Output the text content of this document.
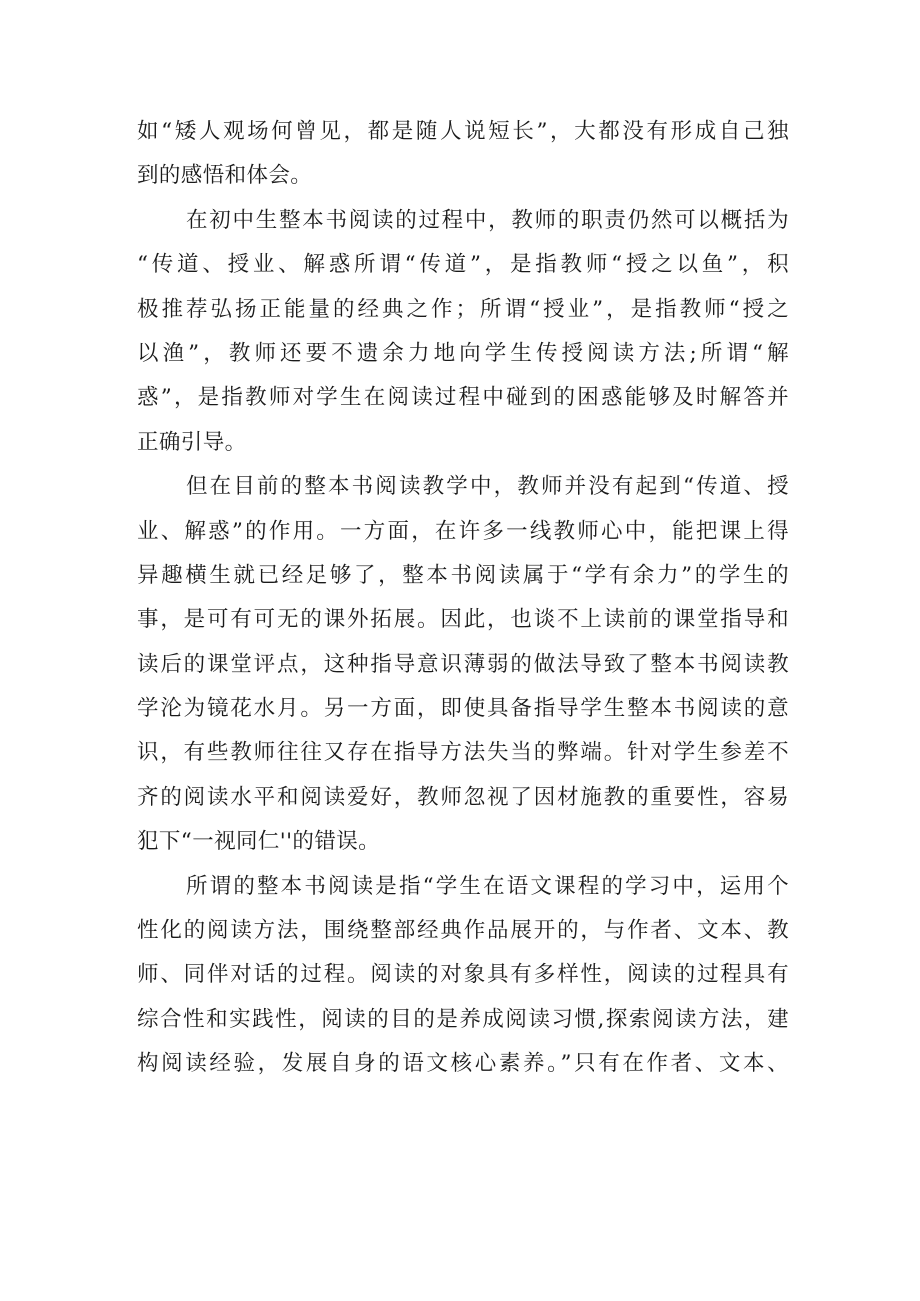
如“矮人观场何曾见，都是随人说短长”，大都没有形成自己独
到的感悟和体会。
在初中生整本书阅读的过程中，教师的职责仍然可以概括为
“传道、授业、解惑所谓“传道”，是指教师“授之以鱼”，积
极推荐弘扬正能量的经典之作；所谓“授业”，是指教师“授之
以渔”，教师还要不遗余力地向学生传授阅读方法;所谓“解
惑”，是指教师对学生在阅读过程中碰到的困惑能够及时解答并
正确引导。
但在目前的整本书阅读教学中，教师并没有起到“传道、授
业、解惑”的作用。一方面，在许多一线教师心中，能把课上得
异趣横生就已经足够了，整本书阅读属于“学有余力”的学生的
事，是可有可无的课外拓展。因此，也谈不上读前的课堂指导和
读后的课堂评点，这种指导意识薄弱的做法导致了整本书阅读教
学沦为镜花水月。另一方面，即使具备指导学生整本书阅读的意
识，有些教师往往又存在指导方法失当的弊端。针对学生参差不
齐的阅读水平和阅读爱好，教师忽视了因材施教的重要性，容易
犯下“一视同仁''的错误。
所谓的整本书阅读是指“学生在语文课程的学习中，运用个
性化的阅读方法，围绕整部经典作品展开的，与作者、文本、教
师、同伴对话的过程。阅读的对象具有多样性，阅读的过程具有
综合性和实践性，阅读的目的是养成阅读习惯,探索阅读方法，建
构阅读经验，发展自身的语文核心素养。”只有在作者、文本、
